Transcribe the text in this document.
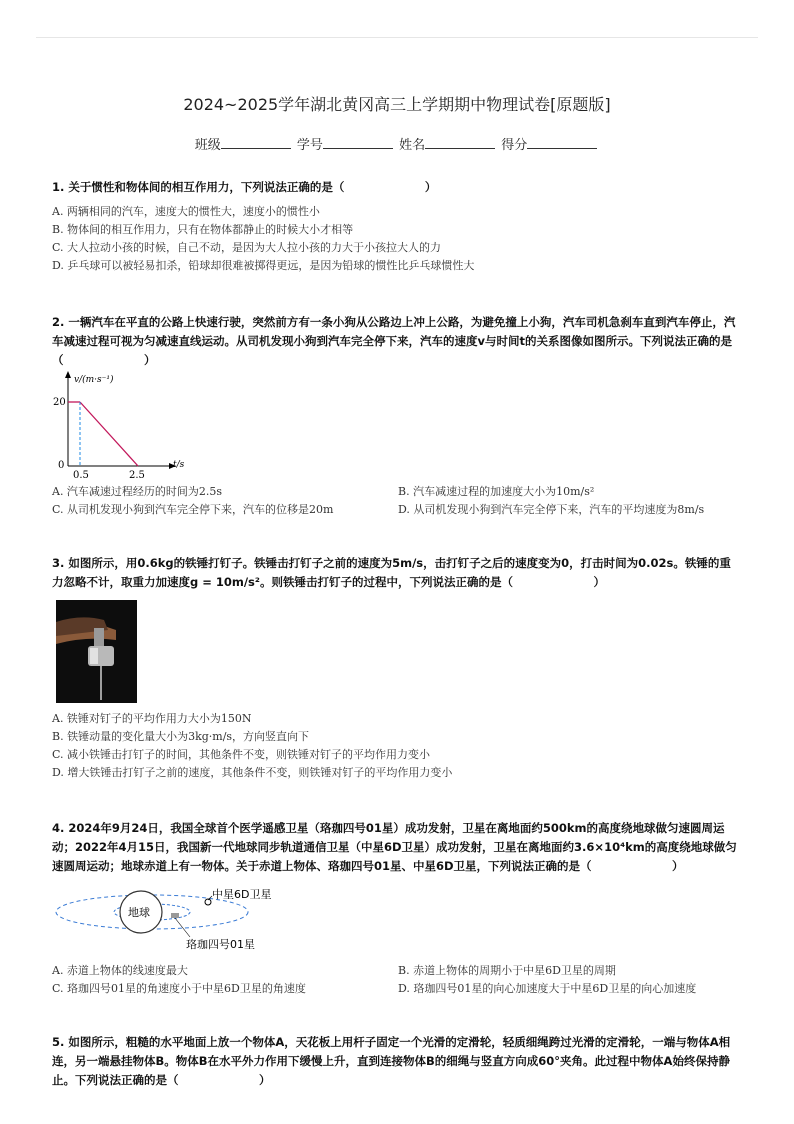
2024~2025学年湖北黄冈高三上学期期中物理试卷[原题版]
班级	学号	姓名	得分
1. 关于惯性和物体间的相互作用力，下列说法正确的是（　　　　　　　）
A. 两辆相同的汽车，速度大的惯性大，速度小的惯性小
B. 物体间的相互作用力，只有在物体都静止的时候大小才相等
C. 大人拉动小孩的时候，自己不动，是因为大人拉小孩的力大于小孩拉大人的力
D. 乒乓球可以被轻易扣杀，铅球却很难被掷得更远，是因为铅球的惯性比乒乓球惯性大
2. 一辆汽车在平直的公路上快速行驶，突然前方有一条小狗从公路边上冲上公路，为避免撞上小狗，汽车司机急刹车直到汽车停止，汽车减速过程可视为匀减速直线运动。从司机发现小狗到汽车完全停下来，汽车的速度v与时间t的关系图像如图所示。下列说法正确的是（　　　　　　　）
v/(m·s⁻¹)
t/s
20
0
0.5	2.5
A. 汽车减速过程经历的时间为2.5s	B. 汽车减速过程的加速度大小为10m/s²
C. 从司机发现小狗到汽车完全停下来，汽车的位移是20m	D. 从司机发现小狗到汽车完全停下来，汽车的平均速度为8m/s
3. 如图所示，用0.6kg的铁锤打钉子。铁锤击打钉子之前的速度为5m/s，击打钉子之后的速度变为0，打击时间为0.02s。铁锤的重力忽略不计，取重力加速度g = 10m/s²。则铁锤击打钉子的过程中，下列说法正确的是（　　　　　　　）
A. 铁锤对钉子的平均作用力大小为150N
B. 铁锤动量的变化量大小为3kg·m/s，方向竖直向下
C. 减小铁锤击打钉子的时间，其他条件不变，则铁锤对钉子的平均作用力变小
D. 增大铁锤击打钉子之前的速度，其他条件不变，则铁锤对钉子的平均作用力变小
4. 2024年9月24日，我国全球首个医学遥感卫星（珞珈四号01星）成功发射，卫星在离地面约500km的高度绕地球做匀速圆周运动；2022年4月15日，我国新一代地球同步轨道通信卫星（中星6D卫星）成功发射，卫星在离地面约3.6×10⁴km的高度绕地球做匀速圆周运动；地球赤道上有一物体。关于赤道上物体、珞珈四号01星、中星6D卫星，下列说法正确的是（　　　　　　　）
地球
中星6D卫星
珞珈四号01星
A. 赤道上物体的线速度最大	B. 赤道上物体的周期小于中星6D卫星的周期
C. 珞珈四号01星的角速度小于中星6D卫星的角速度	D. 珞珈四号01星的向心加速度大于中星6D卫星的向心加速度
5. 如图所示，粗糙的水平地面上放一个物体A，天花板上用杆子固定一个光滑的定滑轮，轻质细绳跨过光滑的定滑轮，一端与物体A相连，另一端悬挂物体B。物体B在水平外力作用下缓慢上升，直到连接物体B的细绳与竖直方向成60°夹角。此过程中物体A始终保持静止。下列说法正确的是（　　　　　　　）
